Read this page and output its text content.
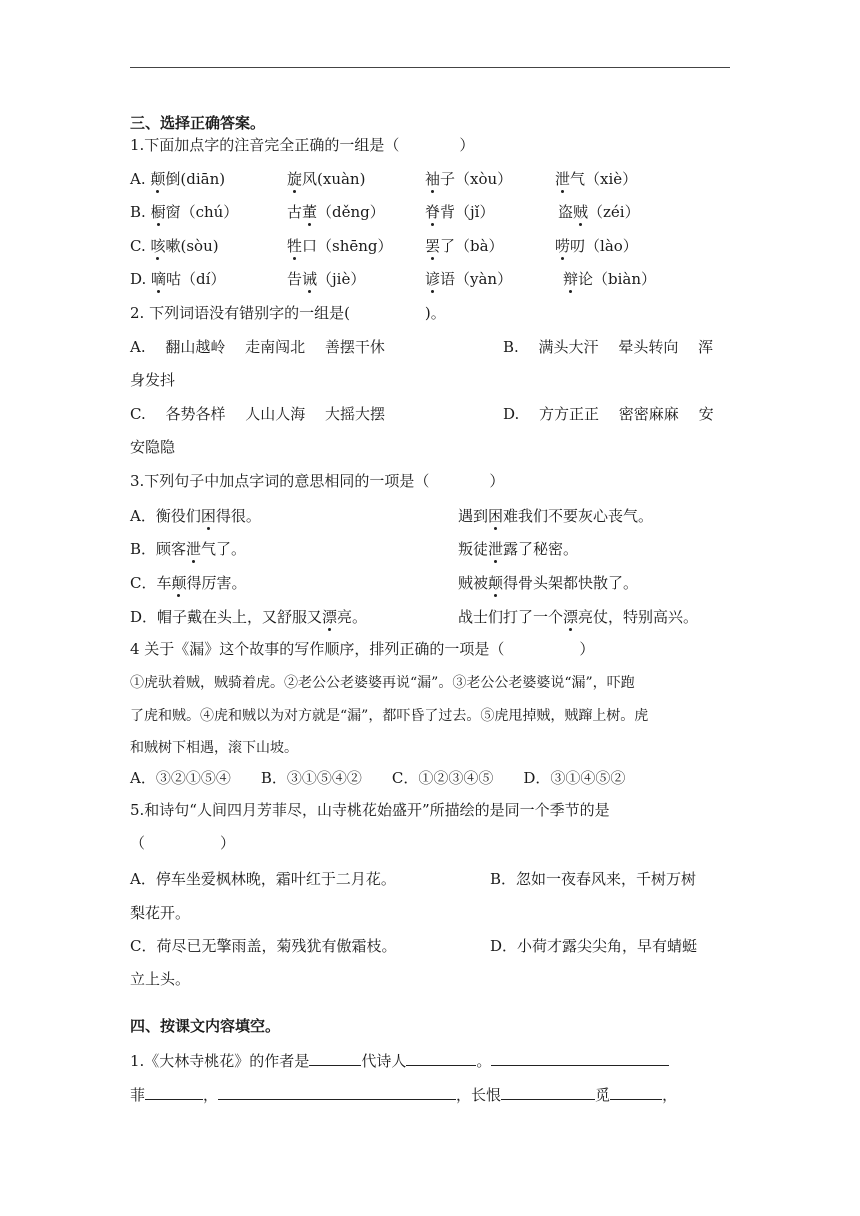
三、选择正确答案。
1.下面加点字的注音完全正确的一组是（　　　　）
A. 颠倒(diān)	旋风(xuàn)	袖子（xòu）	泄气（xiè）
B. 橱窗（chú）	古董（děng）	脊背（jǐ）	盗贼（zéi）
C. 咳嗽(sòu)	牲口（shēng） 罢了（bà）	唠叨（lào）
D. 嘀咕（dí）	告诫（jiè）	谚语（yàn）	辩论（biàn）
2. 下列词语没有错别字的一组是(　　　　　)。
A.　 翻山越岭　 走南闯北　 善摆干休	B.　 满头大汗　 晕头转向　 浑
身发抖
C.　 各势各样　 人山人海　 大摇大摆	D.　 方方正正　 密密麻麻　 安
安隐隐
3.下列句子中加点字词的意思相同的一项是（　　　　）
A．衡役们困得很。	遇到困难我们不要灰心丧气。
B．顾客泄气了。	叛徒泄露了秘密。
C．车颠得厉害。	贼被颠得骨头架都快散了。
D．帽子戴在头上，又舒服又漂亮。	战士们打了一个漂亮仗，特别高兴。
4 关于《漏》这个故事的写作顺序，排列正确的一项是（　　　　　）
①虎驮着贼，贼骑着虎。②老公公老婆婆再说“漏”。③老公公老婆婆说“漏”，吓跑
了虎和贼。④虎和贼以为对方就是“漏”，都吓昏了过去。⑤虎甩掉贼，贼蹿上树。虎
和贼树下相遇，滚下山坡。
A．③②①⑤④　　B．③①⑤④②　　C．①②③④⑤　　D．③①④⑤②
5.和诗句“人间四月芳菲尽，山寺桃花始盛开”所描绘的是同一个季节的是
（　　　　　）
A．停车坐爱枫林晚，霜叶红于二月花。	B．忽如一夜春风来，千树万树
梨花开。
C．荷尽已无擎雨盖，菊残犹有傲霜枝。	D．小荷才露尖尖角，早有蜻蜓
立上头。
四、按课文内容填空。
1.《大林寺桃花》的作者是	代诗人	。
菲	，	，长恨	觅	，
